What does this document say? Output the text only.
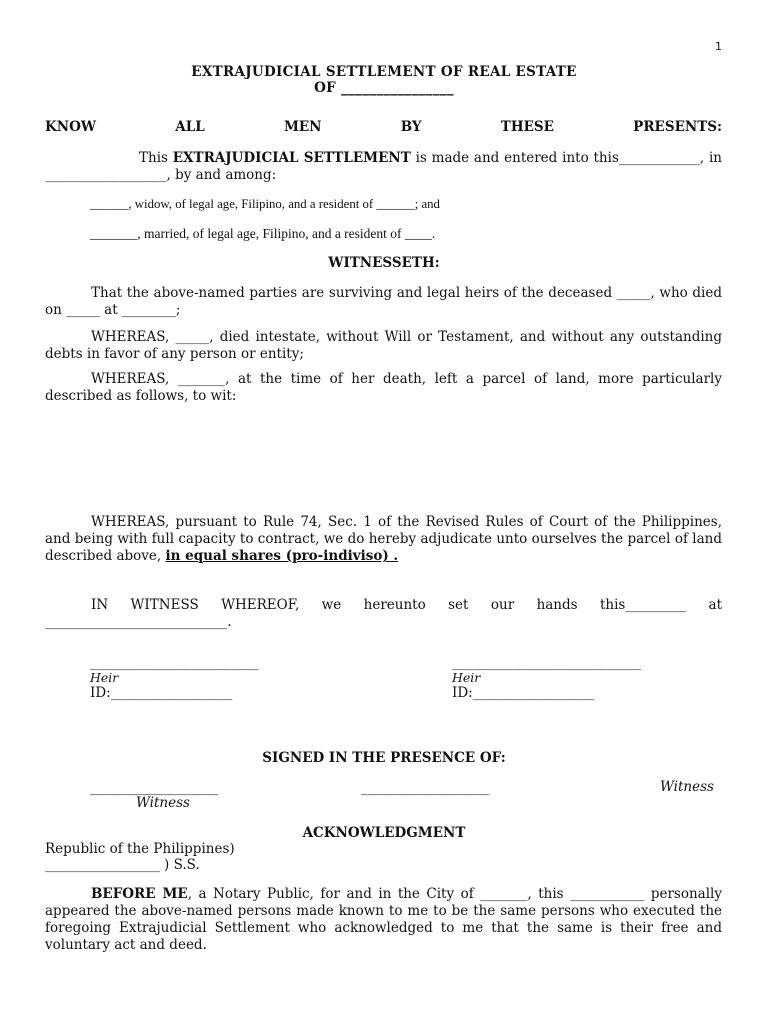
1
EXTRAJUDICIAL SETTLEMENT OF REAL ESTATE
OF ________________
KNOW	ALL	MEN	BY	THESE	PRESENTS:
This EXTRAJUDICIAL SETTLEMENT is made and entered into this____________, in __________________, by and among:
______, widow, of legal age, Filipino, and a resident of ______; and
_______, married, of legal age, Filipino, and a resident of ____.
WITNESSETH:
That the above-named parties are surviving and legal heirs of the deceased _____, who died on _____ at ________;
WHEREAS, _____, died intestate, without Will or Testament, and without any outstanding debts in favor of any person or entity;
WHEREAS, _______, at the time of her death, left a parcel of land, more particularly described as follows, to wit:
WHEREAS, pursuant to Rule 74, Sec. 1 of the Revised Rules of Court of the Philippines, and being with full capacity to contract, we do hereby adjudicate unto ourselves the parcel of land described above, in equal shares (pro-indiviso) .
IN WITNESS WHEREOF, we hereunto set our hands this_________ at ___________________________.
_________________________
Heir
ID:__________________
____________________________
Heir
ID:__________________
SIGNED IN THE PRESENCE OF:
___________________	___________________	Witness
Witness
ACKNOWLEDGMENT
Republic of the Philippines)
_________________ ) S.S.
BEFORE ME, a Notary Public, for and in the City of _______, this ___________ personally appeared the above-named persons made known to me to be the same persons who executed the foregoing Extrajudicial Settlement who acknowledged to me that the same is their free and voluntary act and deed.
